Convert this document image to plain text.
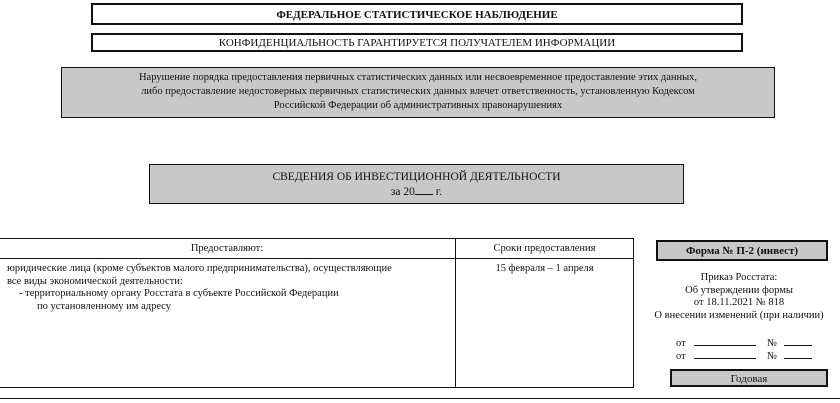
ФЕДЕРАЛЬНОЕ СТАТИСТИЧЕСКОЕ НАБЛЮДЕНИЕ
КОНФИДЕНЦИАЛЬНОСТЬ ГАРАНТИРУЕТСЯ ПОЛУЧАТЕЛЕМ ИНФОРМАЦИИ
Нарушение порядка предоставления первичных статистических данных или несвоевременное предоставление этих данных,
либо предоставление недостоверных первичных статистических данных влечет ответственность, установленную Кодексом
Российской Федерации об административных правонарушениях
СВЕДЕНИЯ ОБ ИНВЕСТИЦИОННОЙ ДЕЯТЕЛЬНОСТИ
за 20 г.
Предоставляют:	Сроки предоставления
юридические лица (кроме субъектов малого предпринимательства), осуществляющие
все виды экономической деятельности:
- территориальному органу Росстата в субъекте Российской Федерации
по установленному им адресу
15 февраля – 1 апреля
Форма № П-2 (инвест)
Приказ Росстата:
Об утверждении формы
от 18.11.2021 № 818
О внесении изменений (при наличии)
от	№
от	№
Годовая
